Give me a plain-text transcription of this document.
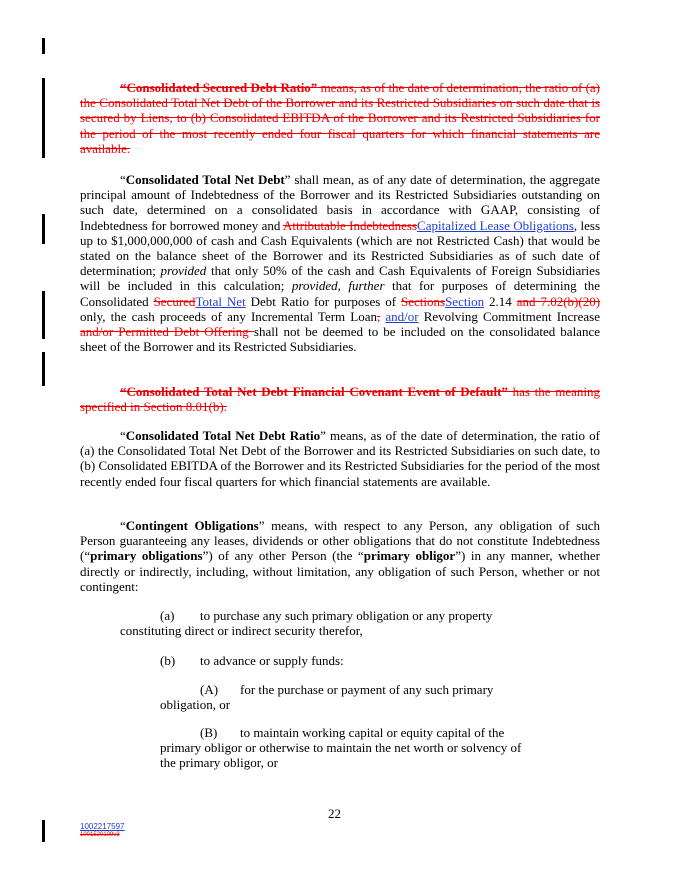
“Consolidated Secured Debt Ratio” means, as of the date of determination, the ratio of (a) the Consolidated Total Net Debt of the Borrower and its Restricted Subsidiaries on such date that is secured by Liens, to (b) Consolidated EBITDA of the Borrower and its Restricted Subsidiaries for the period of the most recently ended four fiscal quarters for which financial statements are available.

“Consolidated Total Net Debt” shall mean, as of any date of determination, the aggregate principal amount of Indebtedness of the Borrower and its Restricted Subsidiaries outstanding on such date, determined on a consolidated basis in accordance with GAAP, consisting of Indebtedness for borrowed money and Attributable IndebtednessCapitalized Lease Obligations, less up to $1,000,000,000 of cash and Cash Equivalents (which are not Restricted Cash) that would be stated on the balance sheet of the Borrower and its Restricted Subsidiaries as of such date of determination; provided that only 50% of the cash and Cash Equivalents of Foreign Subsidiaries will be included in this calculation; provided, further that for purposes of determining the Consolidated SecuredTotal Net Debt Ratio for purposes of SectionsSection 2.14 and 7.02(b)(20) only, the cash proceeds of any Incremental Term Loan, and/or Revolving Commitment Increase and/or Permitted Debt Offering shall not be deemed to be included on the consolidated balance sheet of the Borrower and its Restricted Subsidiaries.

“Consolidated Total Net Debt Financial Covenant Event of Default” has the meaning specified in Section 8.01(b).

“Consolidated Total Net Debt Ratio” means, as of the date of determination, the ratio of (a) the Consolidated Total Net Debt of the Borrower and its Restricted Subsidiaries on such date, to (b) Consolidated EBITDA of the Borrower and its Restricted Subsidiaries for the period of the most recently ended four fiscal quarters for which financial statements are available.

“Contingent Obligations” means, with respect to any Person, any obligation of such Person guaranteeing any leases, dividends or other obligations that do not constitute Indebtedness (“primary obligations”) of any other Person (the “primary obligor”) in any manner, whether directly or indirectly, including, without limitation, any obligation of such Person, whether or not contingent:

(a) to purchase any such primary obligation or any property
constituting direct or indirect security therefor,
(b) to advance or supply funds:
(A) for the purchase or payment of any such primary
obligation, or
(B) to maintain working capital or equity capital of the
primary obligor or otherwise to maintain the net worth or solvency of
the primary obligor, or
22
1002217597
1001520109v3
